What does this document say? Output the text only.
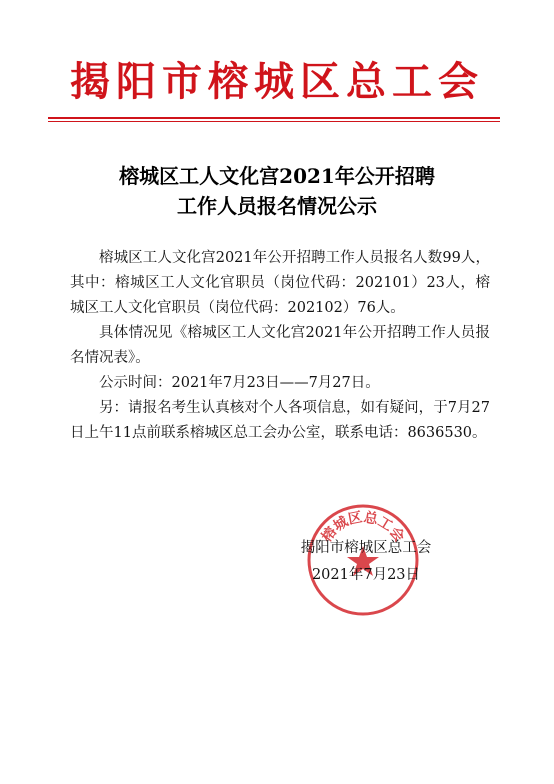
揭阳市榕城区总工会
榕城区工人文化宫2021年公开招聘
工作人员报名情况公示

榕城区工人文化宫2021年公开招聘工作人员报名人数99人，其中：榕城区工人文化官职员（岗位代码：202101）23人，榕城区工人文化官职员（岗位代码：202102）76人。

具体情况见《榕城区工人文化宫2021年公开招聘工作人员报名情况表》。

公示时间：2021年7月23日——7月27日。

另：请报名考生认真核对个人各项信息，如有疑问，于7月27日上午11点前联系榕城区总工会办公室，联系电话：8636530。

榕城区总工会
揭阳市榕城区总工会
2021年7月23日
